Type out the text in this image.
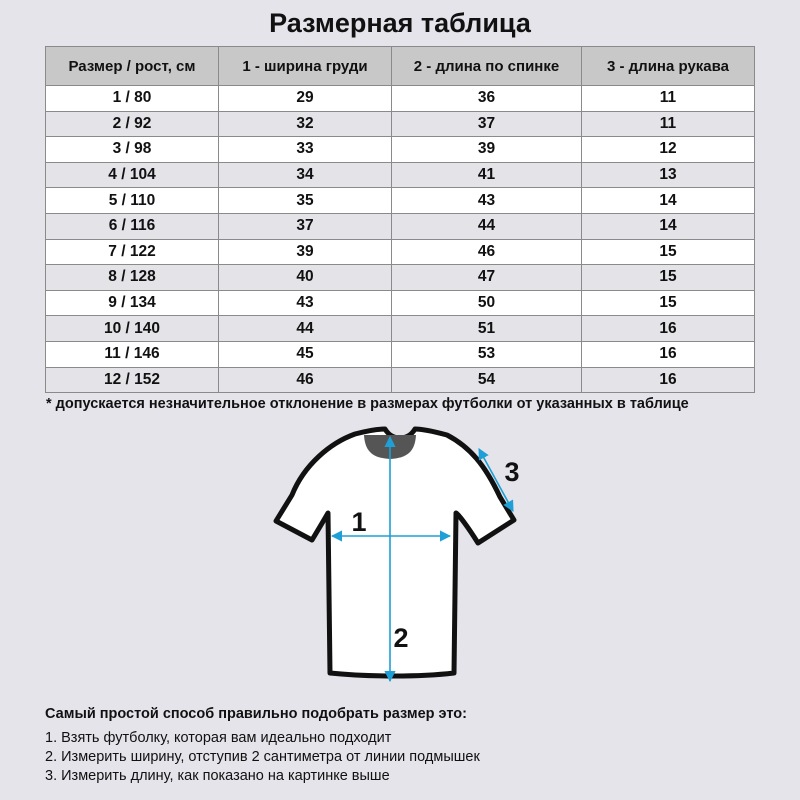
Размерная таблица
Размер / рост, см	1 - ширина груди	2 - длина по спинке	3 - длина рукава
1 / 80	29	36	11
2 / 92	32	37	11
3 / 98	33	39	12
4 / 104	34	41	13
5 / 110	35	43	14
6 / 116	37	44	14
7 / 122	39	46	15
8 / 128	40	47	15
9 / 134	43	50	15
10 / 140	44	51	16
11 / 146	45	53	16
12 / 152	46	54	16
* допускается незначительное отклонение в размерах футболки от указанных в таблице
1
2
3
Самый простой способ правильно подобрать размер это:
1. Взять футболку, которая вам идеально подходит
2. Измерить ширину, отступив 2 сантиметра от линии подмышек
3. Измерить длину, как показано на картинке выше
